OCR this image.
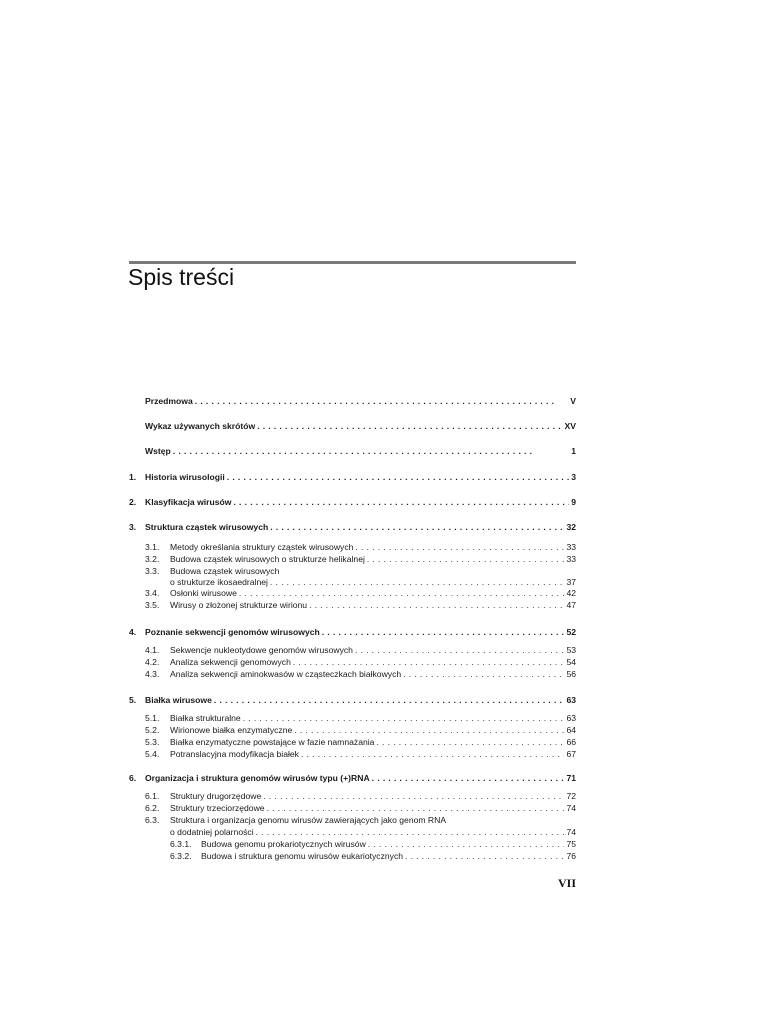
Spis treści
Przedmowa . .	V
Wykaz używanych skrótów . .	XV
Wstęp . .	1
1.	Historia wirusologii . .	3
2.	Klasyfikacja wirusów . .	9
3.	Struktura cząstek wirusowych . .	32
3.1.	Metody określania struktury cząstek wirusowych . .	33
3.2.	Budowa cząstek wirusowych o strukturze helikalnej . .	33
3.3.	Budowa cząstek wirusowych
o strukturze ikosaedralnej . .	37
3.4.	Osłonki wirusowe . .	42
3.5.	Wirusy o złożonej strukturze wirionu . .	47
4.	Poznanie sekwencji genomów wirusowych . .	52
4.1.	Sekwencje nukleotydowe genomów wirusowych . .	53
4.2.	Analiza sekwencji genomowych . .	54
4.3.	Analiza sekwencji aminokwasów w cząsteczkach białkowych . .	56
5.	Białka wirusowe . .	63
5.1.	Białka strukturalne . .	63
5.2.	Wirionowe białka enzymatyczne . .	64
5.3.	Białka enzymatyczne powstające w fazie namnażania . .	66
5.4.	Potranslacyjna modyfikacja białek . .	67
6.	Organizacja i struktura genomów wirusów typu (+)RNA . .	71
6.1.	Struktury drugorzędowe . .	72
6.2.	Struktury trzeciorzędowe . .	74
6.3.	Struktura i organizacja genomu wirusów zawierających jako genom RNA
o dodatniej polarności . .	74
6.3.1.	Budowa genomu prokariotycznych wirusów . .	75
6.3.2.	Budowa i struktura genomu wirusów eukariotycznych . .	76
VII
